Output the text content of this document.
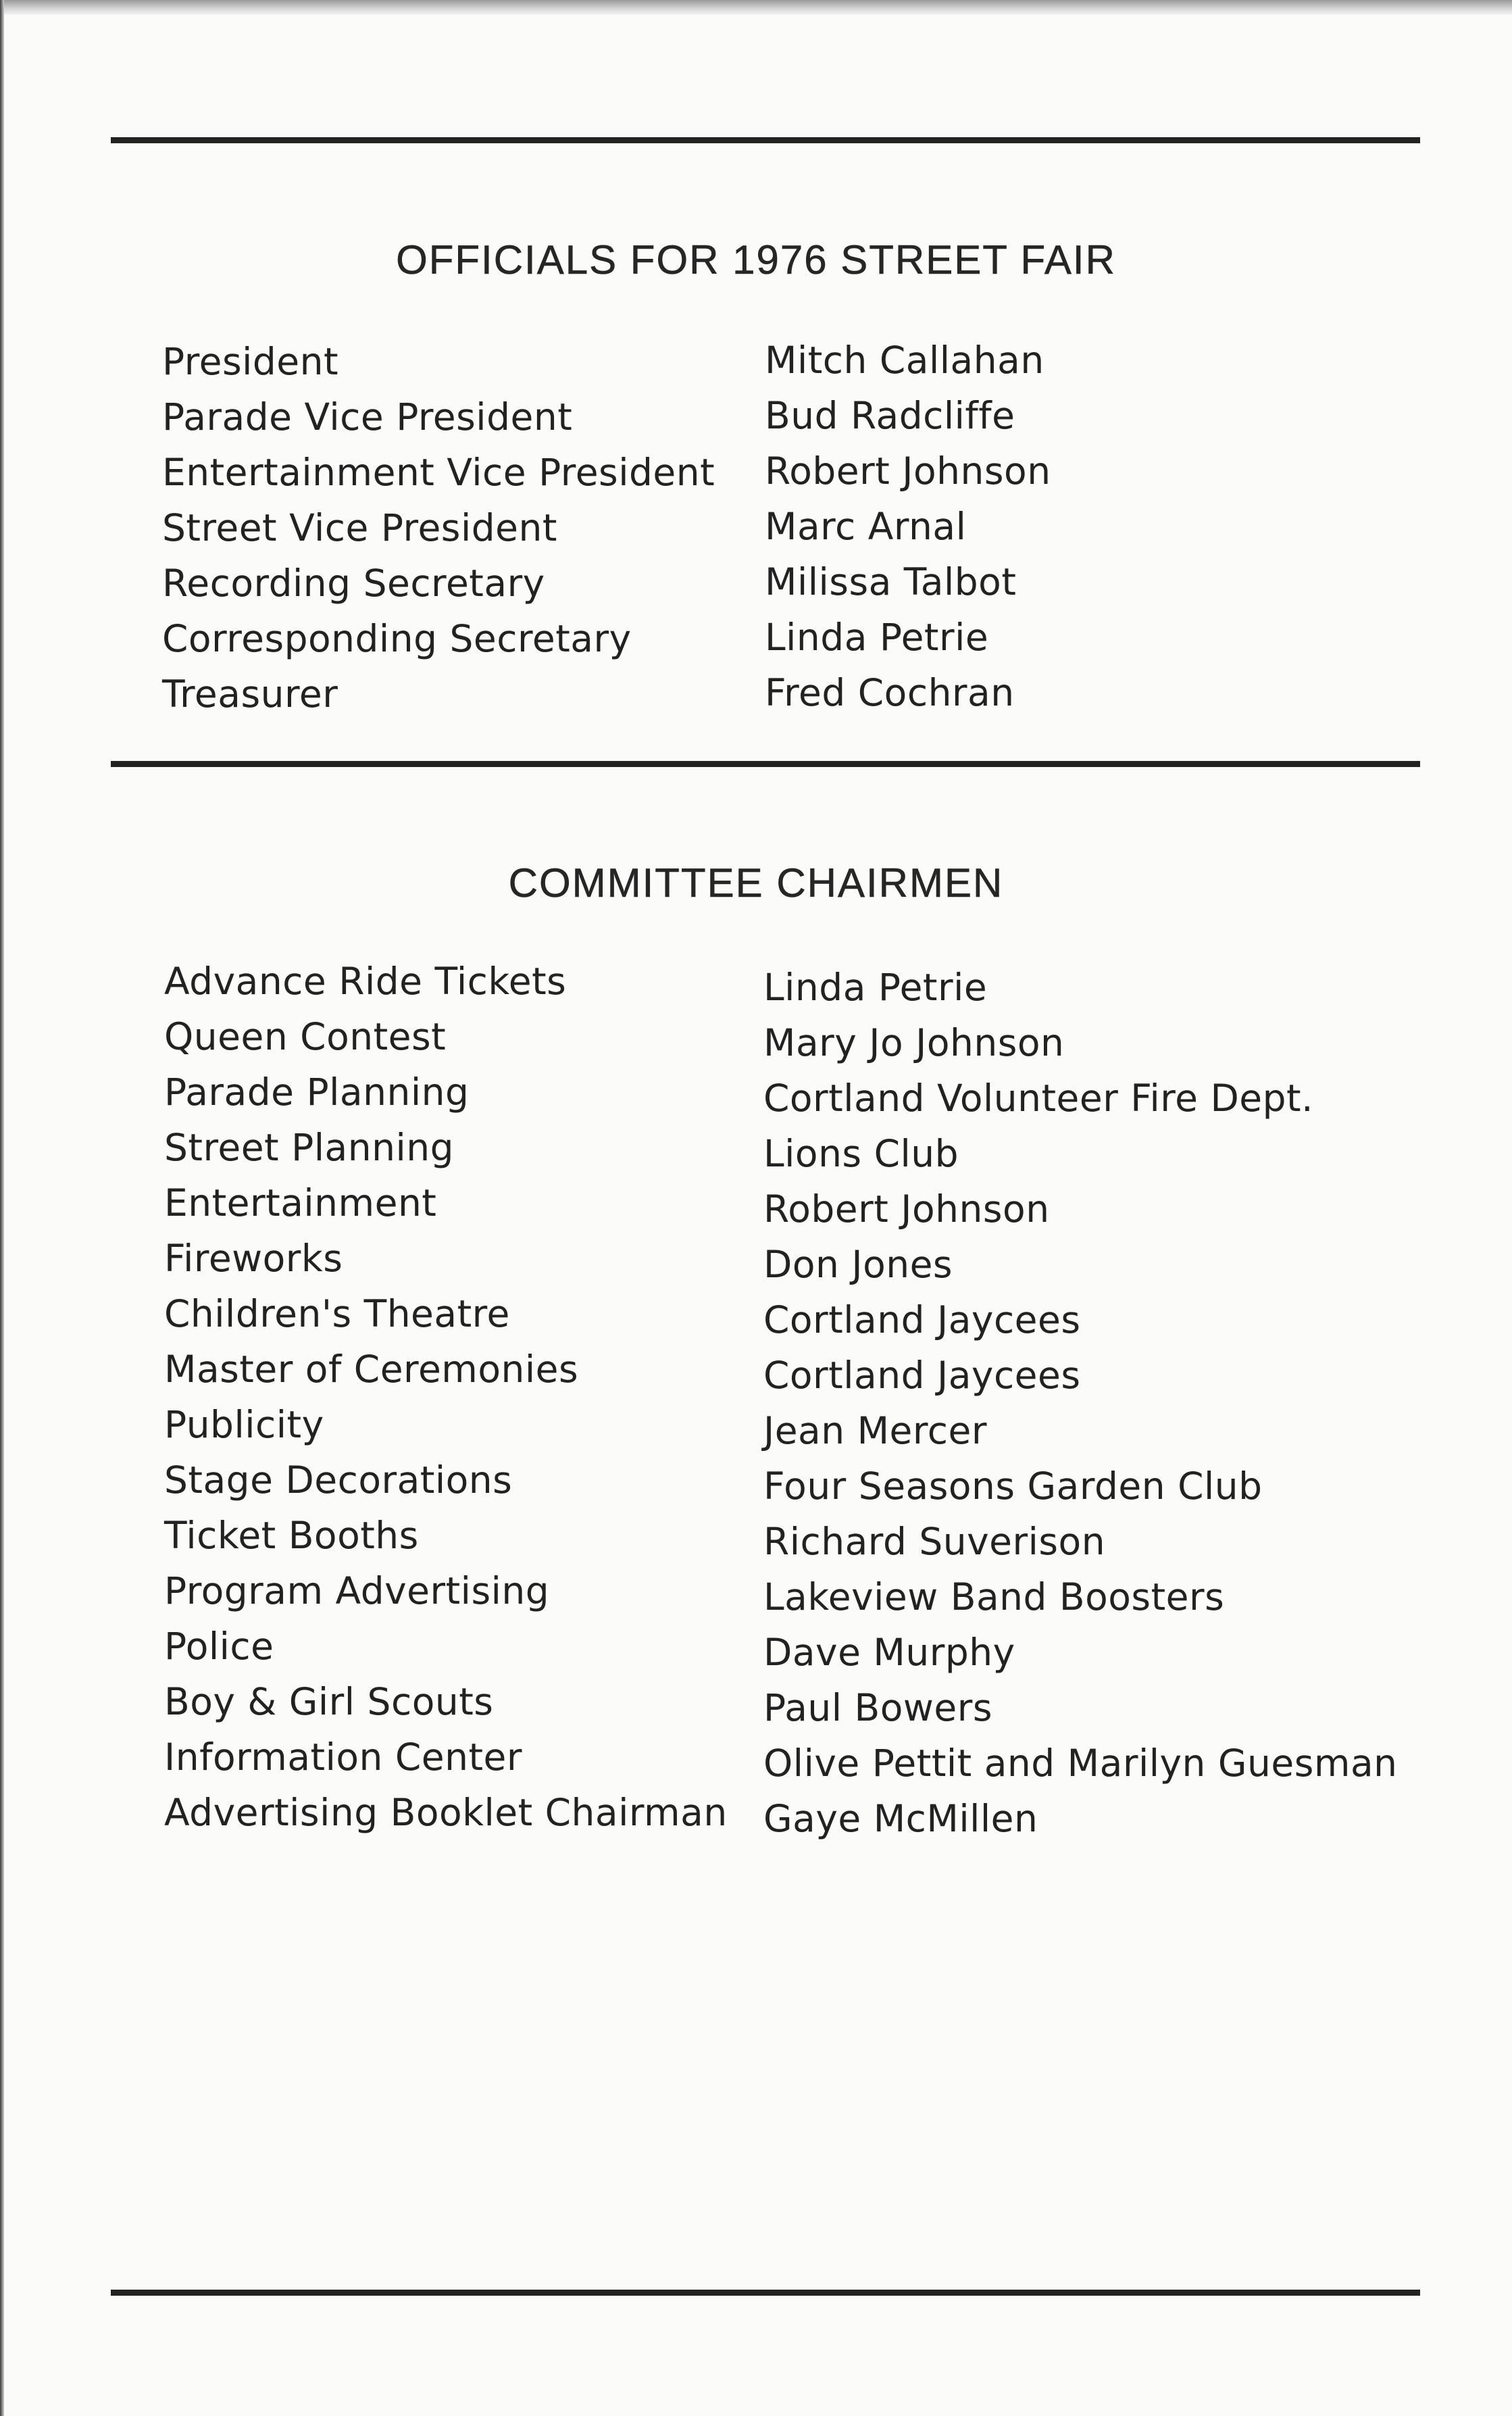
OFFICIALS FOR 1976 STREET FAIR
President
Parade Vice President
Entertainment Vice President
Street Vice President
Recording Secretary
Corresponding Secretary
Treasurer
Mitch Callahan
Bud Radcliffe
Robert Johnson
Marc Arnal
Milissa Talbot
Linda Petrie
Fred Cochran
COMMITTEE CHAIRMEN
Advance Ride Tickets
Queen Contest
Parade Planning
Street Planning
Entertainment
Fireworks
Children's Theatre
Master of Ceremonies
Publicity
Stage Decorations
Ticket Booths
Program Advertising
Police
Boy & Girl Scouts
Information Center
Advertising Booklet Chairman
Linda Petrie
Mary Jo Johnson
Cortland Volunteer Fire Dept.
Lions Club
Robert Johnson
Don Jones
Cortland Jaycees
Cortland Jaycees
Jean Mercer
Four Seasons Garden Club
Richard Suverison
Lakeview Band Boosters
Dave Murphy
Paul Bowers
Olive Pettit and Marilyn Guesman
Gaye McMillen
